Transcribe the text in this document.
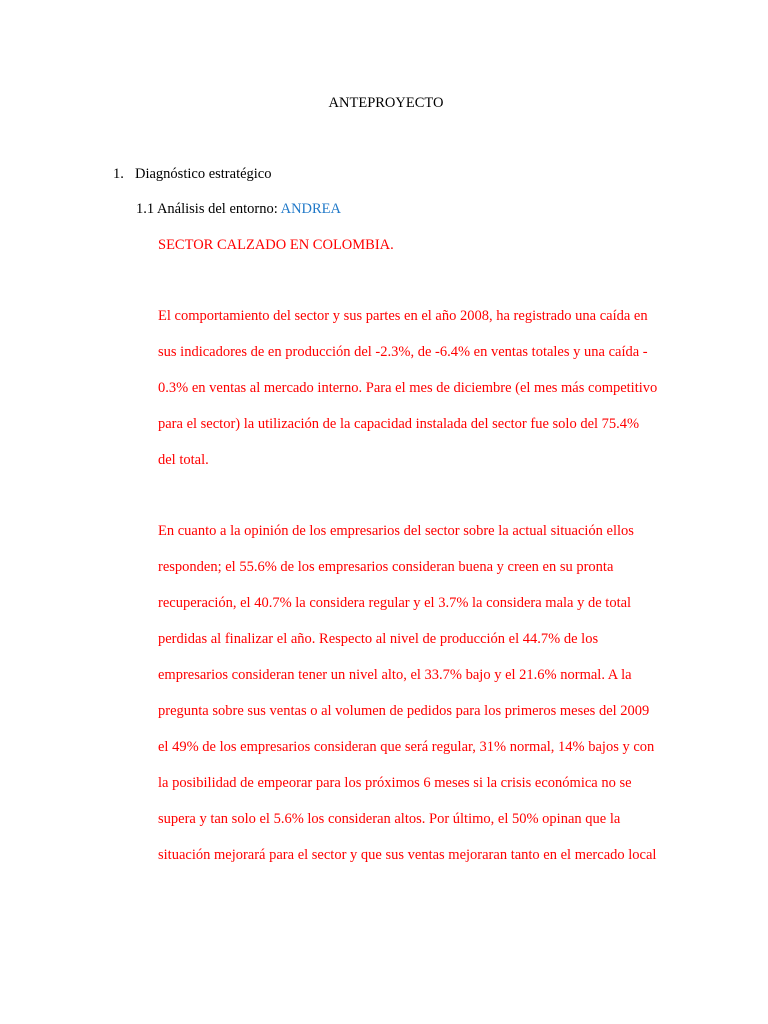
ANTEPROYECTO
1. Diagnóstico estratégico
1.1 Análisis del entorno: ANDREA
SECTOR CALZADO EN COLOMBIA.
El comportamiento del sector y sus partes en el año 2008, ha registrado una caída en
sus indicadores de en producción del -2.3%, de -6.4% en ventas totales y una caída -
0.3% en ventas al mercado interno. Para el mes de diciembre (el mes más competitivo
para el sector) la utilización de la capacidad instalada del sector fue solo del 75.4%
del total.
En cuanto a la opinión de los empresarios del sector sobre la actual situación ellos
responden; el 55.6% de los empresarios consideran buena y creen en su pronta
recuperación, el 40.7% la considera regular y el 3.7% la considera mala y de total
perdidas al finalizar el año. Respecto al nivel de producción el 44.7% de los
empresarios consideran tener un nivel alto, el 33.7% bajo y el 21.6% normal. A la
pregunta sobre sus ventas o al volumen de pedidos para los primeros meses del 2009
el 49% de los empresarios consideran que será regular, 31% normal, 14% bajos y con
la posibilidad de empeorar para los próximos 6 meses si la crisis económica no se
supera y tan solo el 5.6% los consideran altos. Por último, el 50% opinan que la
situación mejorará para el sector y que sus ventas mejoraran tanto en el mercado local
